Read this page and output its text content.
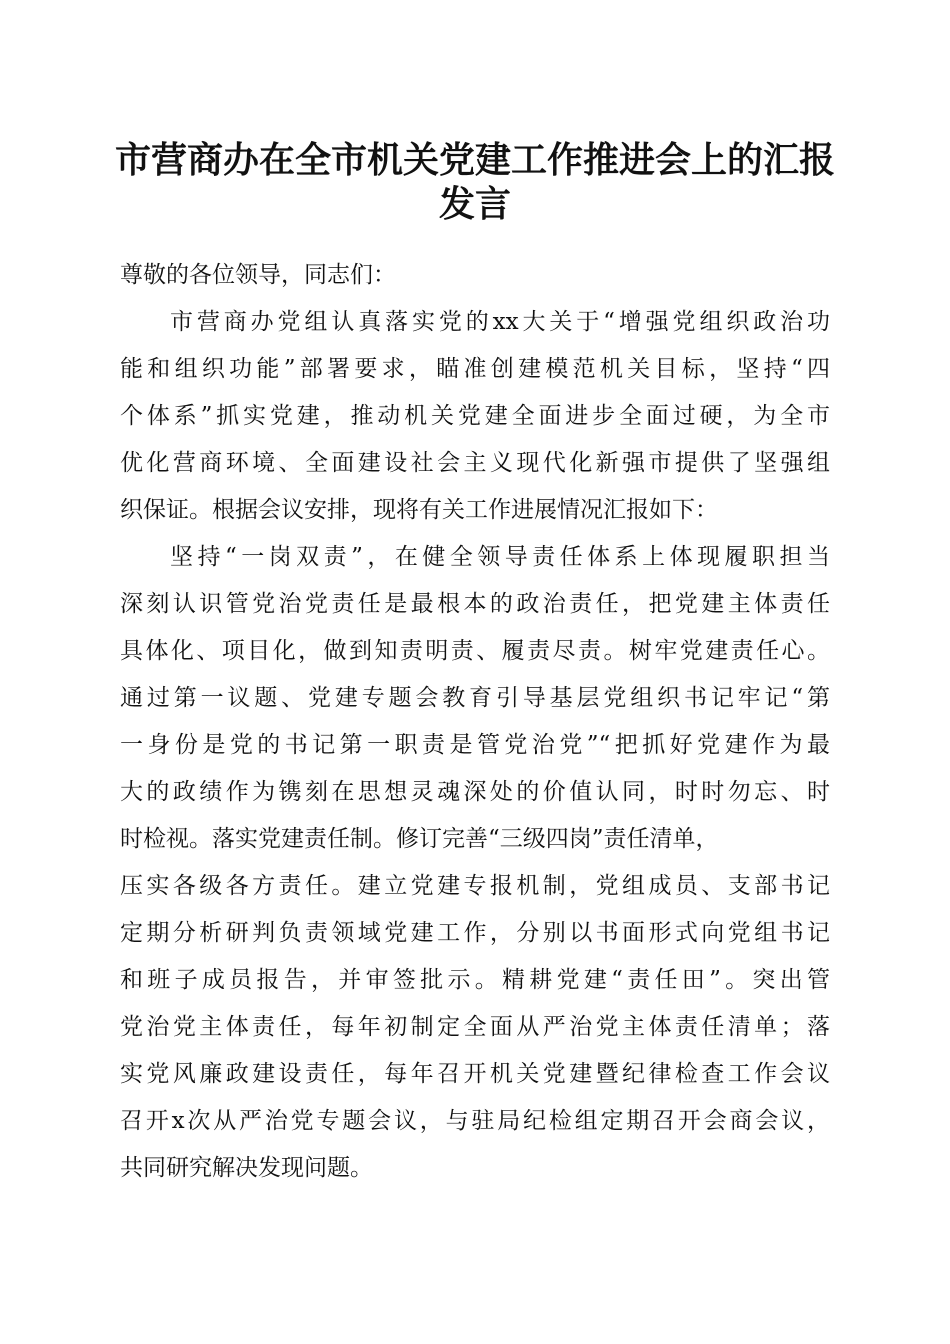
市营商办在全市机关党建工作推进会上的汇报
发言
尊敬的各位领导，同志们：
市营商办党组认真落实党的xx大关于“增强党组织政治功
能和组织功能”部署要求，瞄准创建模范机关目标，坚持“四
个体系”抓实党建，推动机关党建全面进步全面过硬，为全市
优化营商环境、全面建设社会主义现代化新强市提供了坚强组
织保证。根据会议安排，现将有关工作进展情况汇报如下：
坚持“一岗双责”，在健全领导责任体系上体现履职担当
深刻认识管党治党责任是最根本的政治责任，把党建主体责任
具体化、项目化，做到知责明责、履责尽责。树牢党建责任心。
通过第一议题、党建专题会教育引导基层党组织书记牢记“第
一身份是党的书记第一职责是管党治党”“把抓好党建作为最
大的政绩作为镌刻在思想灵魂深处的价值认同，时时勿忘、时
时检视。落实党建责任制。修订完善“三级四岗”责任清单，
压实各级各方责任。建立党建专报机制，党组成员、支部书记
定期分析研判负责领域党建工作，分别以书面形式向党组书记
和班子成员报告，并审签批示。精耕党建“责任田”。突出管
党治党主体责任，每年初制定全面从严治党主体责任清单；落
实党风廉政建设责任，每年召开机关党建暨纪律检查工作会议
召开x次从严治党专题会议，与驻局纪检组定期召开会商会议，
共同研究解决发现问题。
